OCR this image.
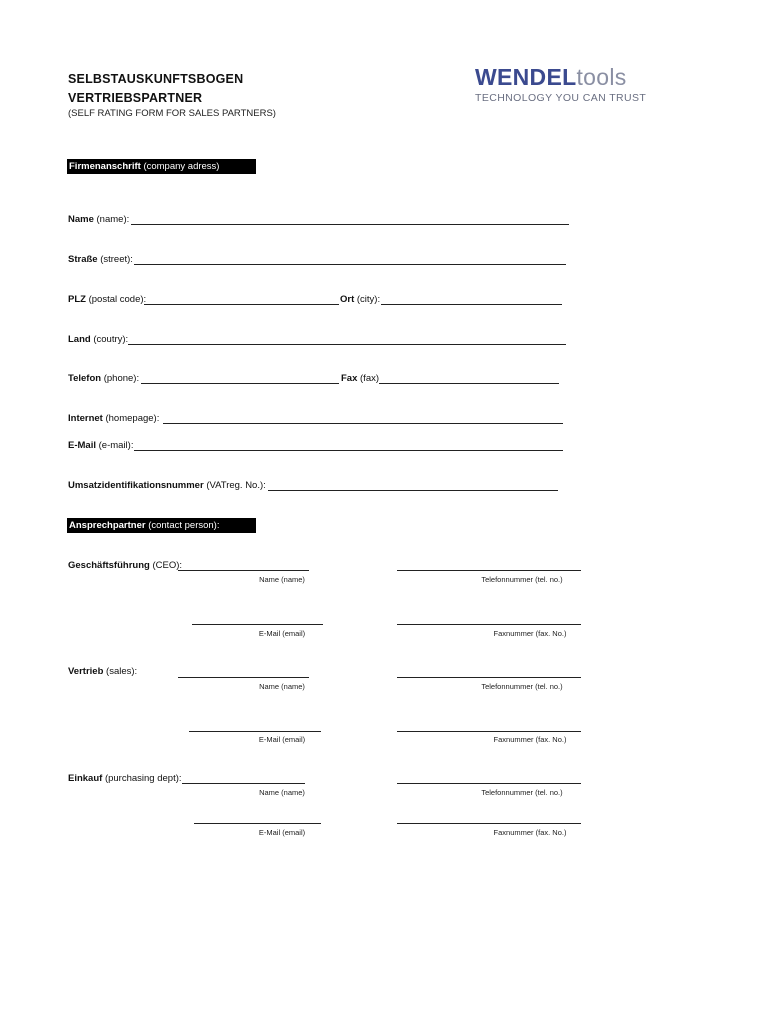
SELBSTAUSKUNFTSBOGEN
VERTRIEBSPARTNER
(SELF RATING FORM FOR SALES PARTNERS)
WENDELtools
TECHNOLOGY YOU CAN TRUST
Firmenanschrift (company adress)
Name (name):
Straße (street):
PLZ (postal code):	Ort (city):
Land (coutry):
Telefon (phone):	Fax (fax)
Internet (homepage):
E-Mail (e-mail):
Umsatzidentifikationsnummer (VATreg. No.):
Ansprechpartner (contact person):
Geschäftsführung (CEO):
Name (name)	Telefonnummer (tel. no.)
E-Mail (email)	Faxnummer (fax. No.)
Vertrieb (sales):
Name (name)	Telefonnummer (tel. no.)
E-Mail (email)	Faxnummer (fax. No.)
Einkauf (purchasing dept):
Name (name)	Telefonnummer (tel. no.)
E-Mail (email)	Faxnummer (fax. No.)
